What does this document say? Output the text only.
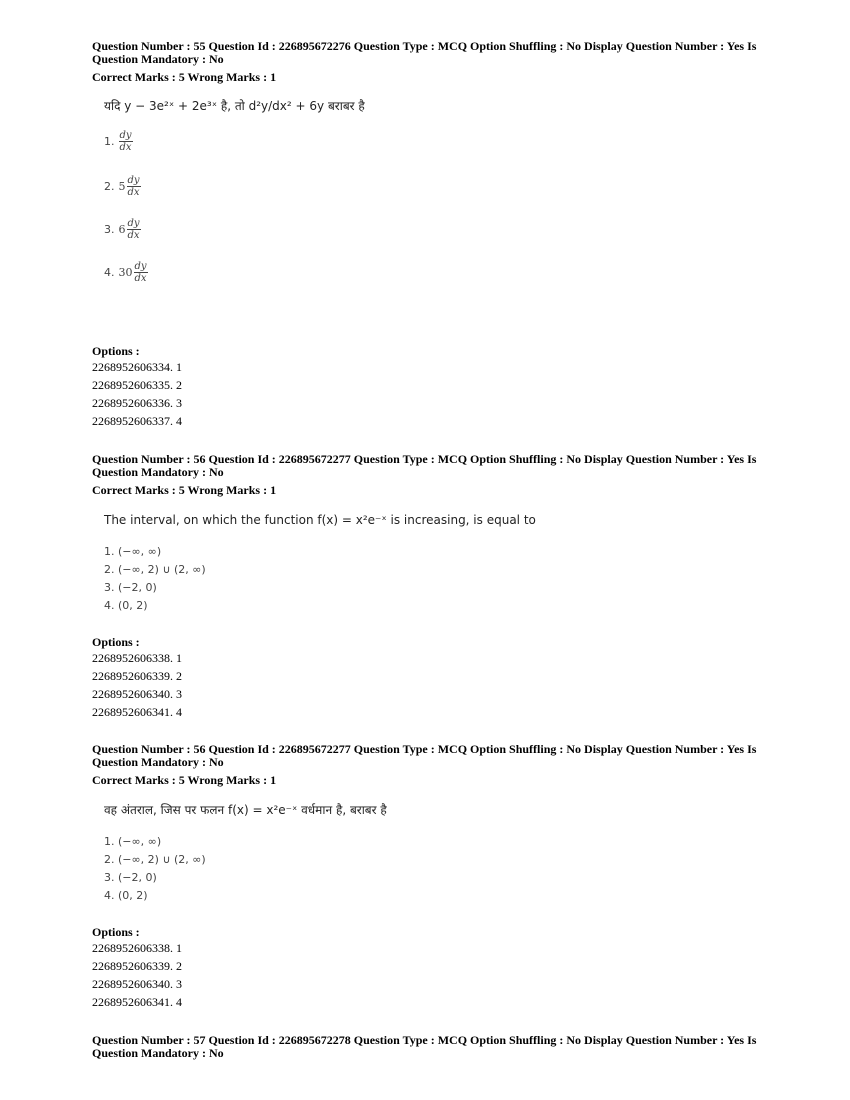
Question Number : 55 Question Id : 226895672276 Question Type : MCQ Option Shuffling : No Display Question Number : Yes Is
Question Mandatory : No
Correct Marks : 5 Wrong Marks : 1
यदि y − 3e²ˣ + 2e³ˣ है, तो d²y/dx² + 6y बराबर है
1. $\frac{dy}{dx}$
2. $5 \frac{dy}{dx}$
3. $6 \frac{dy}{dx}$
4. $30 \frac{dy}{dx}$
Options :
2268952606334. 1
2268952606335. 2
2268952606336. 3
2268952606337. 4
Question Number : 56 Question Id : 226895672277 Question Type : MCQ Option Shuffling : No Display Question Number : Yes Is
Question Mandatory : No
Correct Marks : 5 Wrong Marks : 1
The interval, on which the function f(x) = x²e⁻ˣ is increasing, is equal to
1. (−∞, ∞)
2. (−∞, 2) ∪ (2, ∞)
3. (−2, 0)
4. (0, 2)
Options :
2268952606338. 1
2268952606339. 2
2268952606340. 3
2268952606341. 4
Question Number : 56 Question Id : 226895672277 Question Type : MCQ Option Shuffling : No Display Question Number : Yes Is
Question Mandatory : No
Correct Marks : 5 Wrong Marks : 1
वह अंतराल, जिस पर फलन f(x) = x²e⁻ˣ वर्धमान है, बराबर है
1. (−∞, ∞)
2. (−∞, 2) ∪ (2, ∞)
3. (−2, 0)
4. (0, 2)
Options :
2268952606338. 1
2268952606339. 2
2268952606340. 3
2268952606341. 4
Question Number : 57 Question Id : 226895672278 Question Type : MCQ Option Shuffling : No Display Question Number : Yes Is
Question Mandatory : No
